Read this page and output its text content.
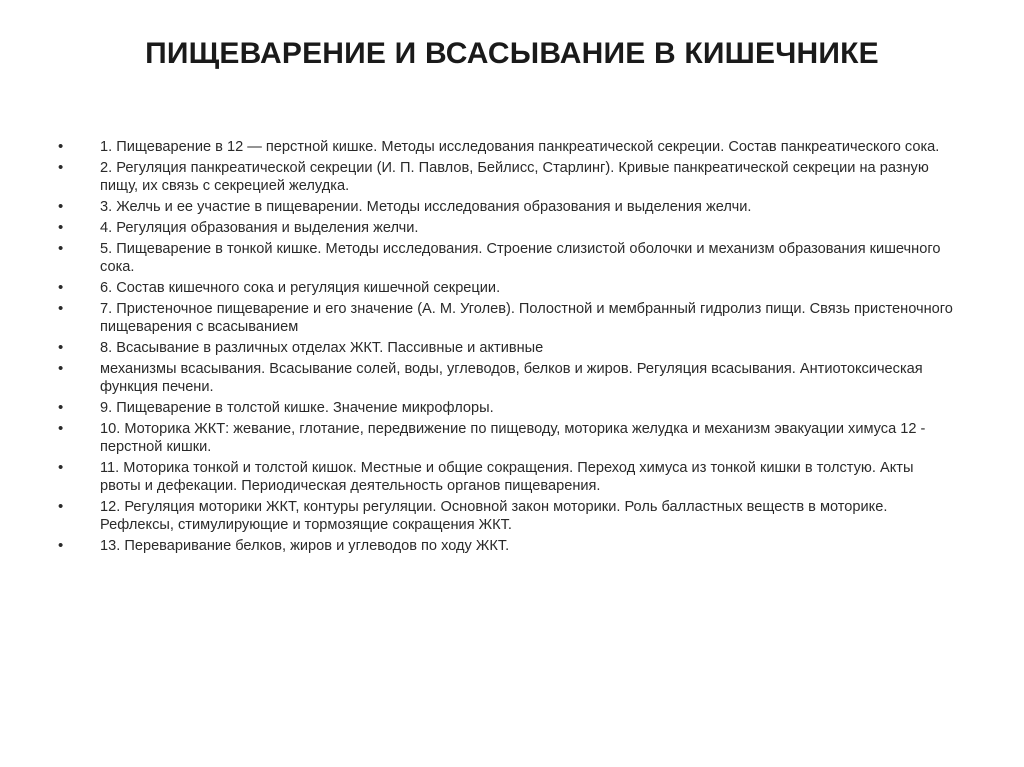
ПИЩЕВАРЕНИЕ И ВСАСЫВАНИЕ В КИШЕЧНИКЕ
•	1. Пищеварение в 12 — перстной кишке. Методы исследования панкреатической секреции. Состав панкреатического сока.
•	2. Регуляция панкреатической секреции (И. П. Павлов, Бейлисс, Старлинг). Кривые панкреатической секреции на разную пищу, их связь с секрецией желудка.
•	3. Желчь и ее участие в пищеварении. Методы исследования образования и выделения желчи.
•	4. Регуляция образования и выделения желчи.
•	5. Пищеварение в тонкой кишке. Методы исследования. Строение слизистой оболочки и механизм образования кишечного сока.
•	6. Состав кишечного сока и регуляция кишечной секреции.
•	7. Пристеночное пищеварение и его значение (А. М. Уголев). Полостной и мембранный гидролиз пищи. Связь пристеночного пищеварения с всасыванием
•	8. Всасывание в различных отделах ЖКТ. Пассивные и активные
•	механизмы всасывания. Всасывание солей, воды, углеводов, белков и жиров. Регуляция всасывания. Антиотоксическая функция печени.
•	9. Пищеварение в толстой кишке. Значение микрофлоры.
•	10. Моторика ЖКТ: жевание, глотание, передвижение по пищеводу, моторика желудка и механизм эвакуации химуса 12 - перстной кишки.
•	11. Моторика тонкой и толстой кишок. Местные и общие сокращения. Переход химуса из тонкой кишки в толстую. Акты рвоты и дефекации. Периодическая деятельность органов пищеварения.
•	12. Регуляция моторики ЖКТ, контуры регуляции. Основной закон моторики. Роль балластных веществ в моторике. Рефлексы, стимулирующие и тормозящие сокращения ЖКТ.
•	13. Переваривание белков, жиров и углеводов по ходу ЖКТ.
